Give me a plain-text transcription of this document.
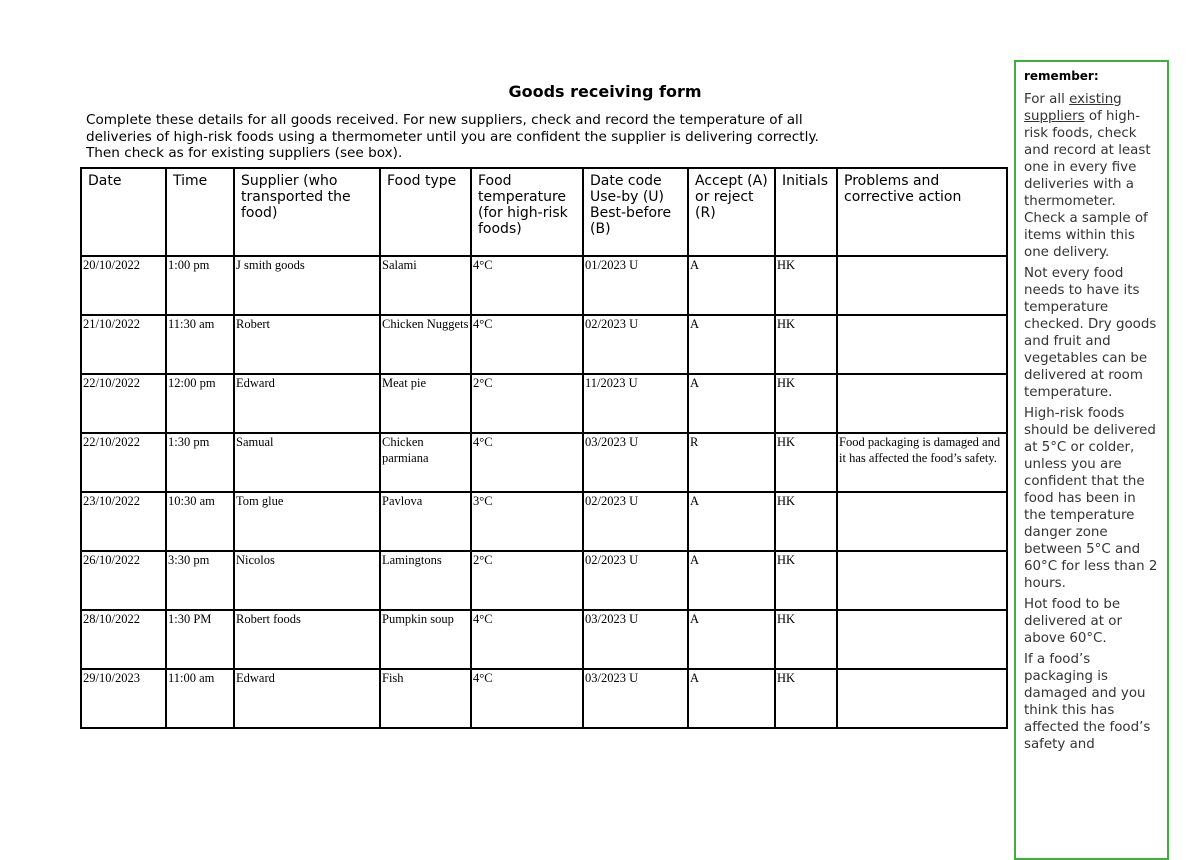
Goods receiving form

Complete these details for all goods received. For new suppliers, check and record the temperature of all

deliveries of high-risk foods using a thermometer until you are confident the supplier is delivering correctly.

Then check as for existing suppliers (see box).

Date	Time	Supplier (who transported the food)	Food type	Food temperature (for high-risk foods)	Date code Use-by (U) Best-before (B)	Accept (A) or reject (R)	Initials	Problems and corrective action
20/10/2022	1:00 pm	J smith goods	Salami	4°C	01/2023 U	A	HK	
21/10/2022	11:30 am	Robert	Chicken Nuggets	4°C	02/2023 U	A	HK	
22/10/2022	12:00 pm	Edward	Meat pie	2°C	11/2023 U	A	HK	
22/10/2022	1:30 pm	Samual	Chicken parmiana	4°C	03/2023 U	R	HK	Food packaging is damaged and it has affected the food’s safety.
23/10/2022	10:30 am	Tom glue	Pavlova	3°C	02/2023 U	A	HK	
26/10/2022	3:30 pm	Nicolos	Lamingtons	2°C	02/2023 U	A	HK	
28/10/2022	1:30 PM	Robert foods	Pumpkin soup	4°C	03/2023 U	A	HK	
29/10/2023	11:00 am	Edward	Fish	4°C	03/2023 U	A	HK	
remember:

For all existing suppliers of high-risk foods, check and record at least one in every five deliveries with a thermometer. Check a sample of items within this one delivery.

Not every food needs to have its temperature checked. Dry goods and fruit and vegetables can be delivered at room temperature.

High-risk foods should be delivered at 5°C or colder, unless you are confident that the food has been in the temperature danger zone between 5°C and 60°C for less than 2 hours.

Hot food to be delivered at or above 60°C.

If a food’s packaging is damaged and you think this has affected the food’s safety and
